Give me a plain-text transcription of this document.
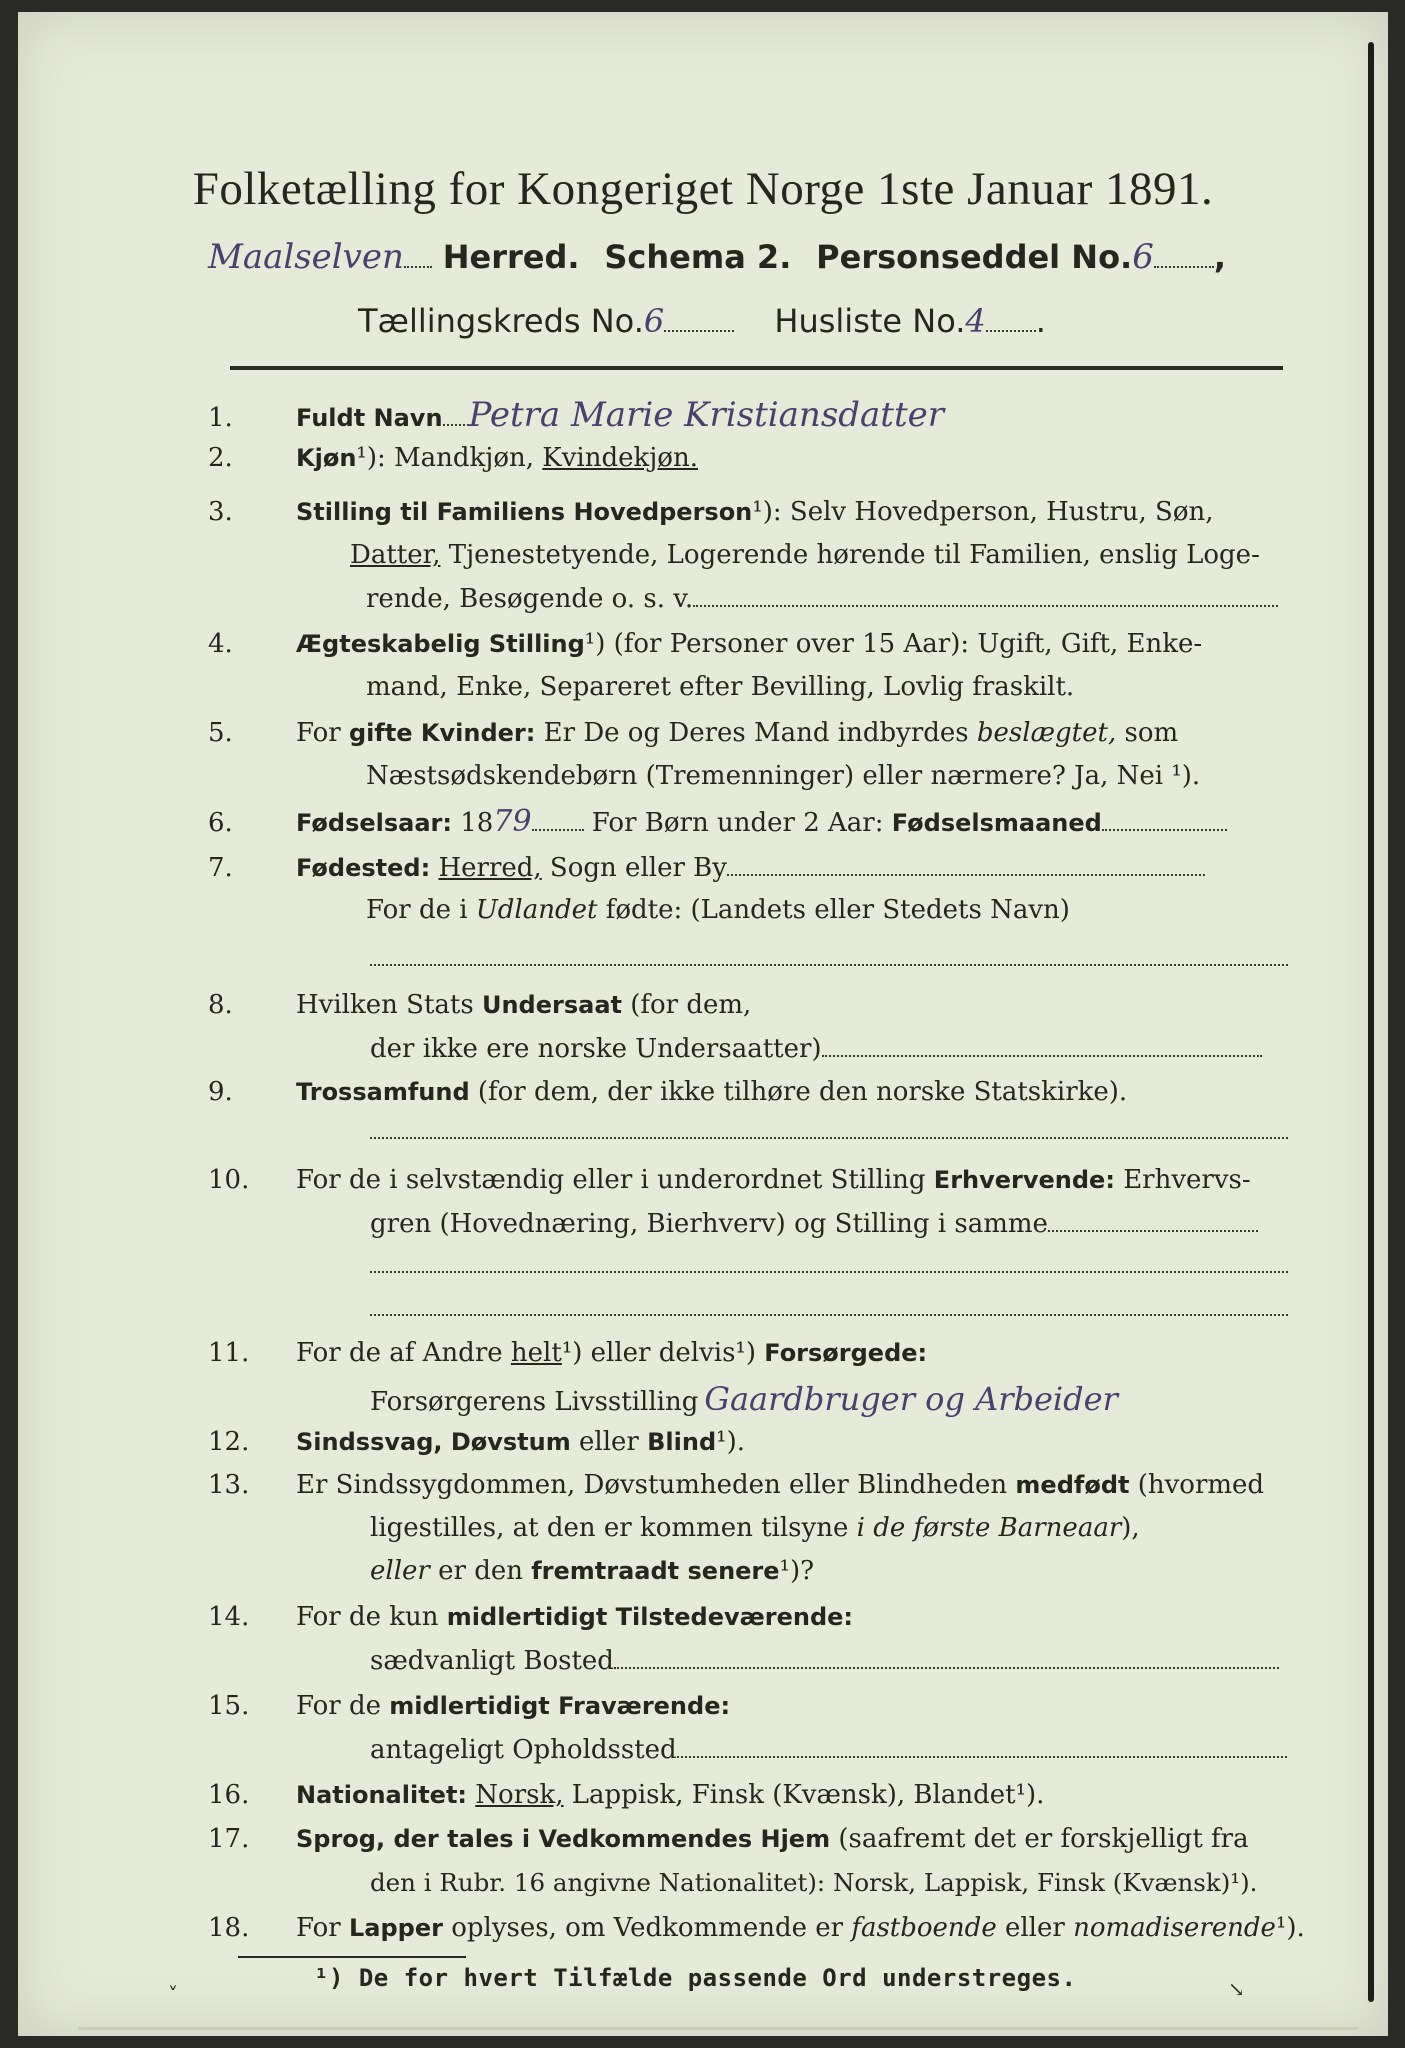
Folketælling for Kongeriget Norge 1ste Januar 1891.
Maalselven Herred. Schema 2. Personseddel No.6 ,
Tællingskreds No.6	Husliste No.4 .
1.	Fuldt Navn Petra Marie Kristiansdatter
2.	Kjøn¹): Mandkjøn, Kvindekjøn.
3.	Stilling til Familiens Hovedperson¹): Selv Hovedperson, Hustru, Søn,
Datter, Tjenestetyende, Logerende hørende til Familien, enslig Loge-
rende, Besøgende o. s. v.
4.	Ægteskabelig Stilling¹) (for Personer over 15 Aar): Ugift, Gift, Enke-
mand, Enke, Separeret efter Bevilling, Lovlig fraskilt.
5. For gifte Kvinder: Er De og Deres Mand indbyrdes beslægtet, som
Næstsødskendebørn (Tremenninger) eller nærmere? Ja, Nei ¹).
6.	Fødselsaar: 1879 For Børn under 2 Aar: Fødselsmaaned
7.	Fødested: Herred, Sogn eller By
For de i Udlandet fødte: (Landets eller Stedets Navn)
8. Hvilken Stats Undersaat (for dem,
der ikke ere norske Undersaatter)
9.	Trossamfund (for dem, der ikke tilhøre den norske Statskirke).
10. For de i selvstændig eller i underordnet Stilling Erhvervende: Erhvervs-
gren (Hovednæring, Bierhverv) og Stilling i samme
11. For de af Andre helt¹) eller delvis¹) Forsørgede:
Forsørgerens Livsstilling Gaardbruger og Arbeider
12. Sindssvag, Døvstum eller Blind¹).
13. Er Sindssygdommen, Døvstumheden eller Blindheden medfødt (hvormed
ligestilles, at den er kommen tilsyne i de første Barneaar),
eller er den fremtraadt senere¹)?
14. For de kun midlertidigt Tilstedeværende:
sædvanligt Bosted
15. For de midlertidigt Fraværende:
antageligt Opholdssted
16. Nationalitet: Norsk, Lappisk, Finsk (Kvænsk), Blandet¹).
17. Sprog, der tales i Vedkommendes Hjem (saafremt det er forskjelligt fra
den i Rubr. 16 angivne Nationalitet): Norsk, Lappisk, Finsk (Kvænsk)¹).
18. For Lapper oplyses, om Vedkommende er fastboende eller nomadiserende¹).
¹) De for hvert Tilfælde passende Ord understreges.
˅	↘
